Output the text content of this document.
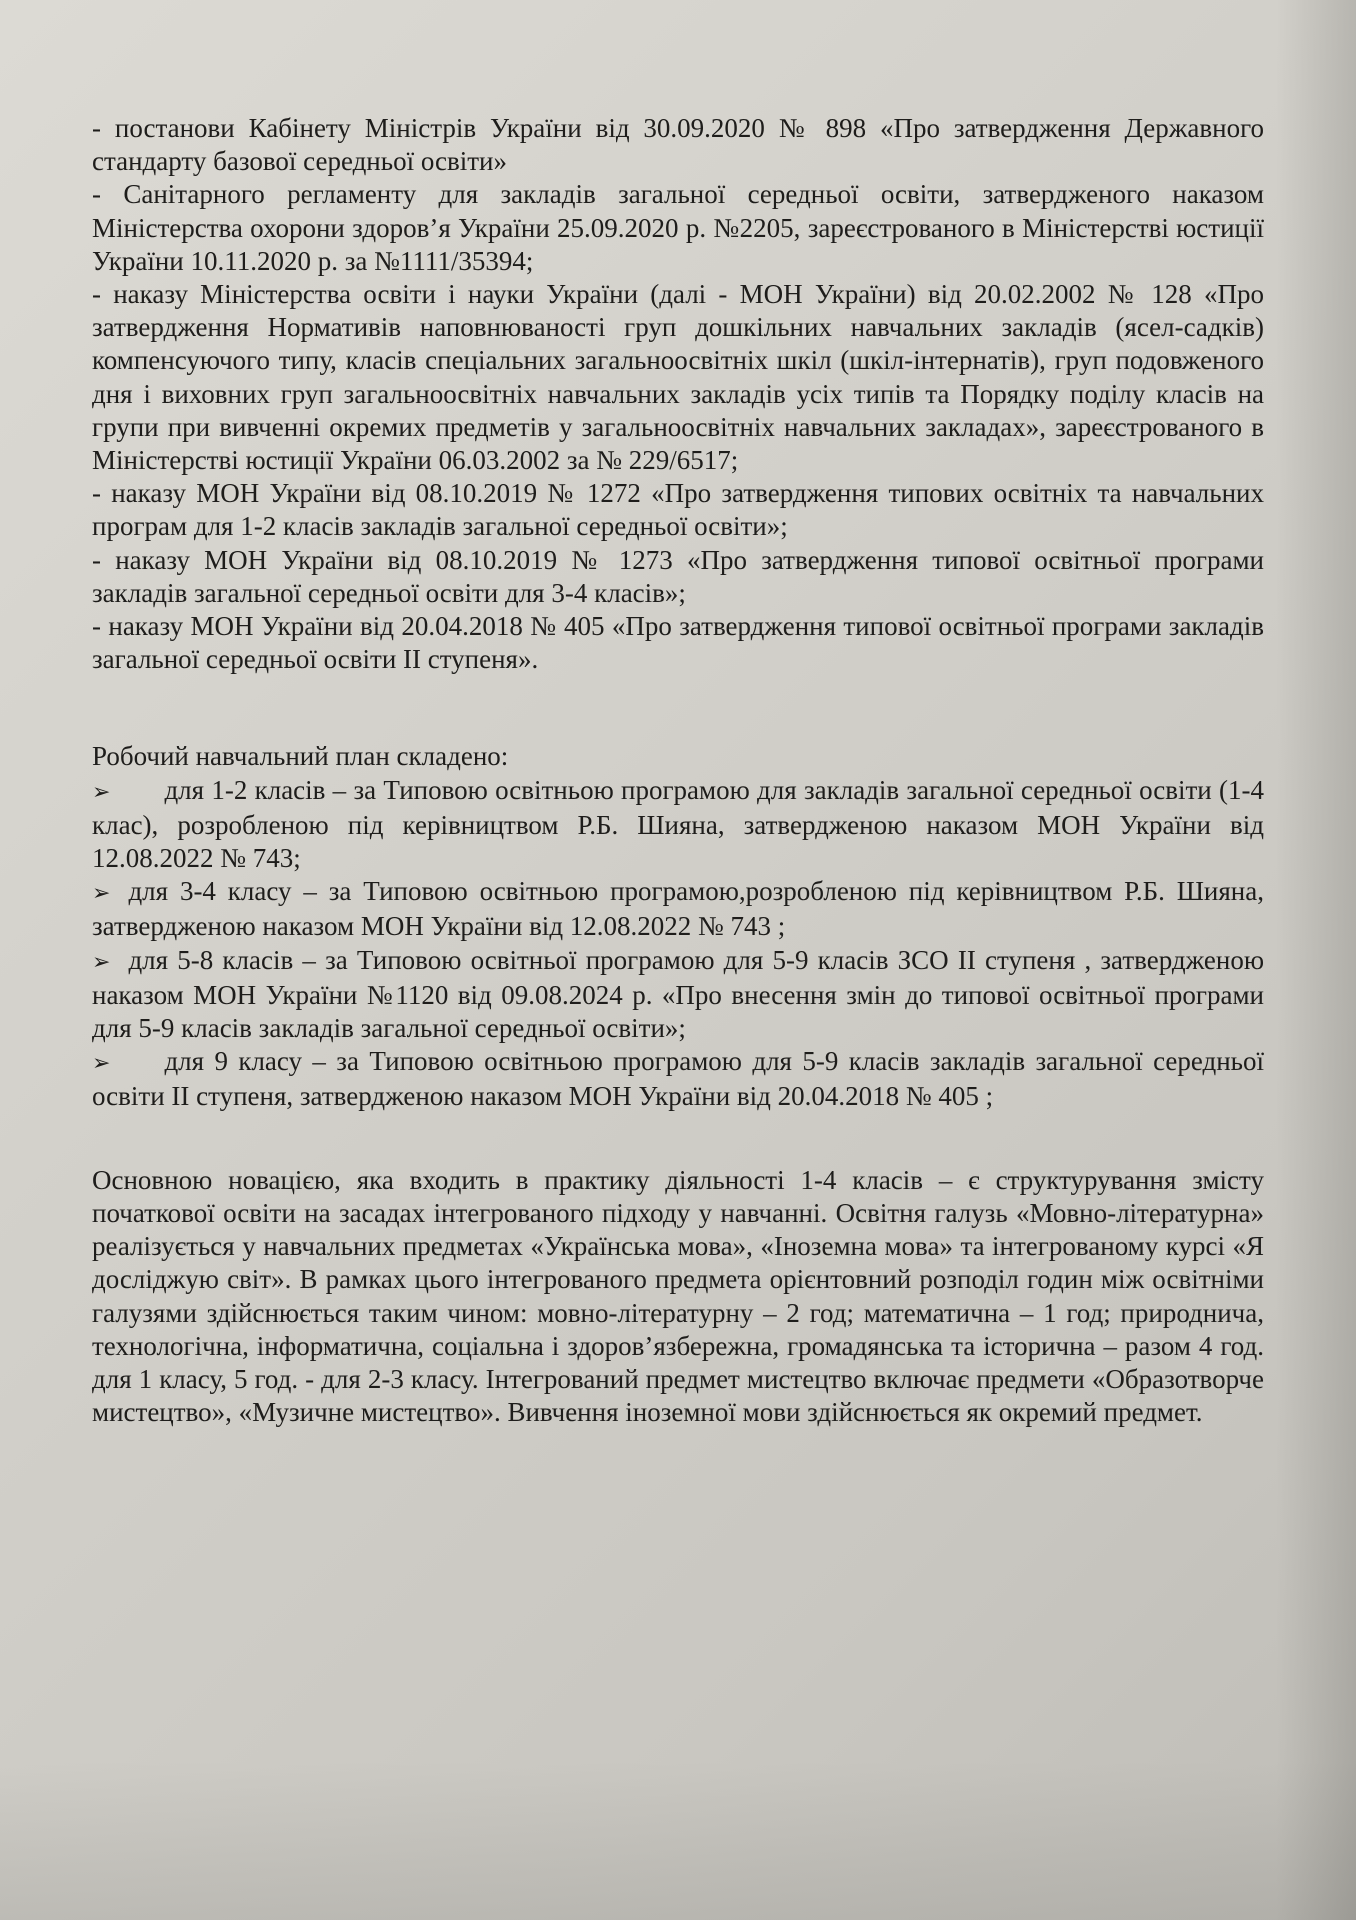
- постанови Кабінету Міністрів України від 30.09.2020 № 898 «Про затвердження Державного стандарту базової середньої освіти»

- Санітарного регламенту для закладів загальної середньої освіти, затвердженого наказом Міністерства охорони здоров’я України 25.09.2020 р. №2205, зареєстрованого в Міністерстві юстиції України 10.11.2020 р. за №1111/35394;

- наказу Міністерства освіти і науки України (далі - МОН України) від 20.02.2002 № 128 «Про затвердження Нормативів наповнюваності груп дошкільних навчальних закладів (ясел-садків) компенсуючого типу, класів спеціальних загальноосвітніх шкіл (шкіл-інтернатів), груп подовженого дня і виховних груп загальноосвітніх навчальних закладів усіх типів та Порядку поділу класів на групи при вивченні окремих предметів у загальноосвітніх навчальних закладах», зареєстрованого в Міністерстві юстиції України 06.03.2002 за № 229/6517;

- наказу МОН України від 08.10.2019 № 1272 «Про затвердження типових освітніх та навчальних програм для 1-2 класів закладів загальної середньої освіти»;

- наказу МОН України від 08.10.2019 № 1273 «Про затвердження типової освітньої програми закладів загальної середньої освіти для 3-4 класів»;

- наказу МОН України від 20.04.2018 № 405 «Про затвердження типової освітньої програми закладів загальної середньої освіти ІІ ступеня».

Робочий навчальний план складено:

➢ для 1-2 класів – за Типовою освітньою програмою для закладів загальної середньої освіти (1-4 клас), розробленою під керівництвом Р.Б. Шияна, затвердженою наказом МОН України від 12.08.2022 № 743;

➢ для 3-4 класу – за Типовою освітньою програмою,розробленою під керівництвом Р.Б. Шияна, затвердженою наказом МОН України від 12.08.2022 № 743 ;

➢ для 5-8 класів – за Типовою освітньої програмою для 5-9 класів ЗСО ІІ ступеня , затвердженою наказом МОН України №1120 від 09.08.2024 р. «Про внесення змін до типової освітньої програми для 5-9 класів закладів загальної середньої освіти»;

➢ для 9 класу – за Типовою освітньою програмою для 5-9 класів закладів загальної середньої освіти ІІ ступеня, затвердженою наказом МОН України від 20.04.2018 № 405 ;

Основною новацією, яка входить в практику діяльності 1-4 класів – є структурування змісту початкової освіти на засадах інтегрованого підходу у навчанні. Освітня галузь «Мовно-літературна» реалізується у навчальних предметах «Українська мова», «Іноземна мова» та інтегрованому курсі «Я досліджую світ». В рамках цього інтегрованого предмета орієнтовний розподіл годин між освітніми галузями здійснюється таким чином: мовно-літературну – 2 год; математична – 1 год; природнича, технологічна, інформатична, соціальна і здоров’язбережна, громадянська та історична – разом 4 год. для 1 класу, 5 год. - для 2-3 класу. Інтегрований предмет мистецтво включає предмети «Образотворче мистецтво», «Музичне мистецтво». Вивчення іноземної мови здійснюється як окремий предмет.
